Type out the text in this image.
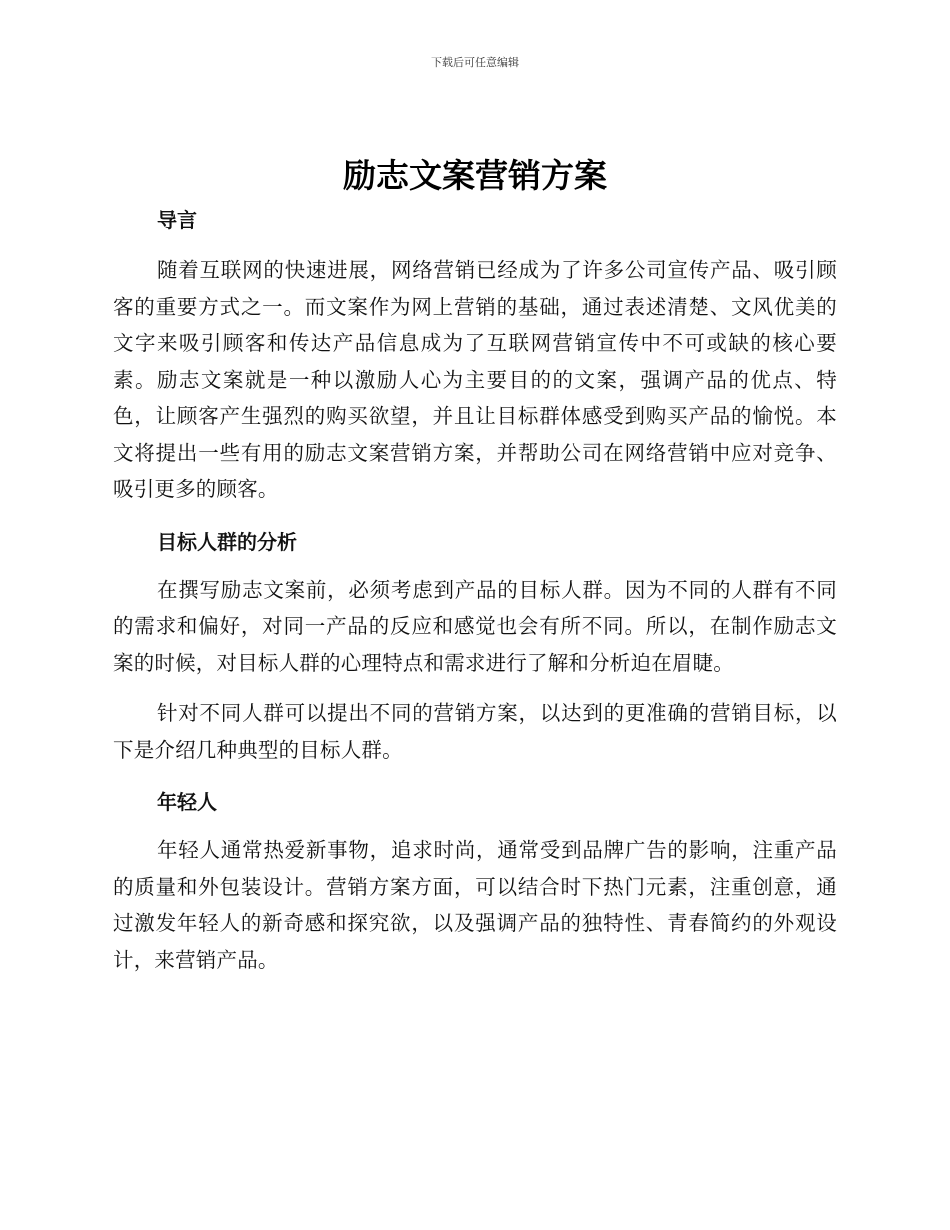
下载后可任意编辑
励志文案营销方案
导言

随着互联网的快速进展，网络营销已经成为了许多公司宣传产品、吸引顾客的重要方式之一。而文案作为网上营销的基础，通过表述清楚、文风优美的文字来吸引顾客和传达产品信息成为了互联网营销宣传中不可或缺的核心要素。励志文案就是一种以激励人心为主要目的的文案，强调产品的优点、特色，让顾客产生强烈的购买欲望，并且让目标群体感受到购买产品的愉悦。本文将提出一些有用的励志文案营销方案，并帮助公司在网络营销中应对竞争、吸引更多的顾客。

目标人群的分析

在撰写励志文案前，必须考虑到产品的目标人群。因为不同的人群有不同的需求和偏好，对同一产品的反应和感觉也会有所不同。所以，在制作励志文案的时候，对目标人群的心理特点和需求进行了解和分析迫在眉睫。

针对不同人群可以提出不同的营销方案，以达到的更准确的营销目标，以下是介绍几种典型的目标人群。

年轻人

年轻人通常热爱新事物，追求时尚，通常受到品牌广告的影响，注重产品的质量和外包装设计。营销方案方面，可以结合时下热门元素，注重创意，通过激发年轻人的新奇感和探究欲，以及强调产品的独特性、青春简约的外观设计，来营销产品。
